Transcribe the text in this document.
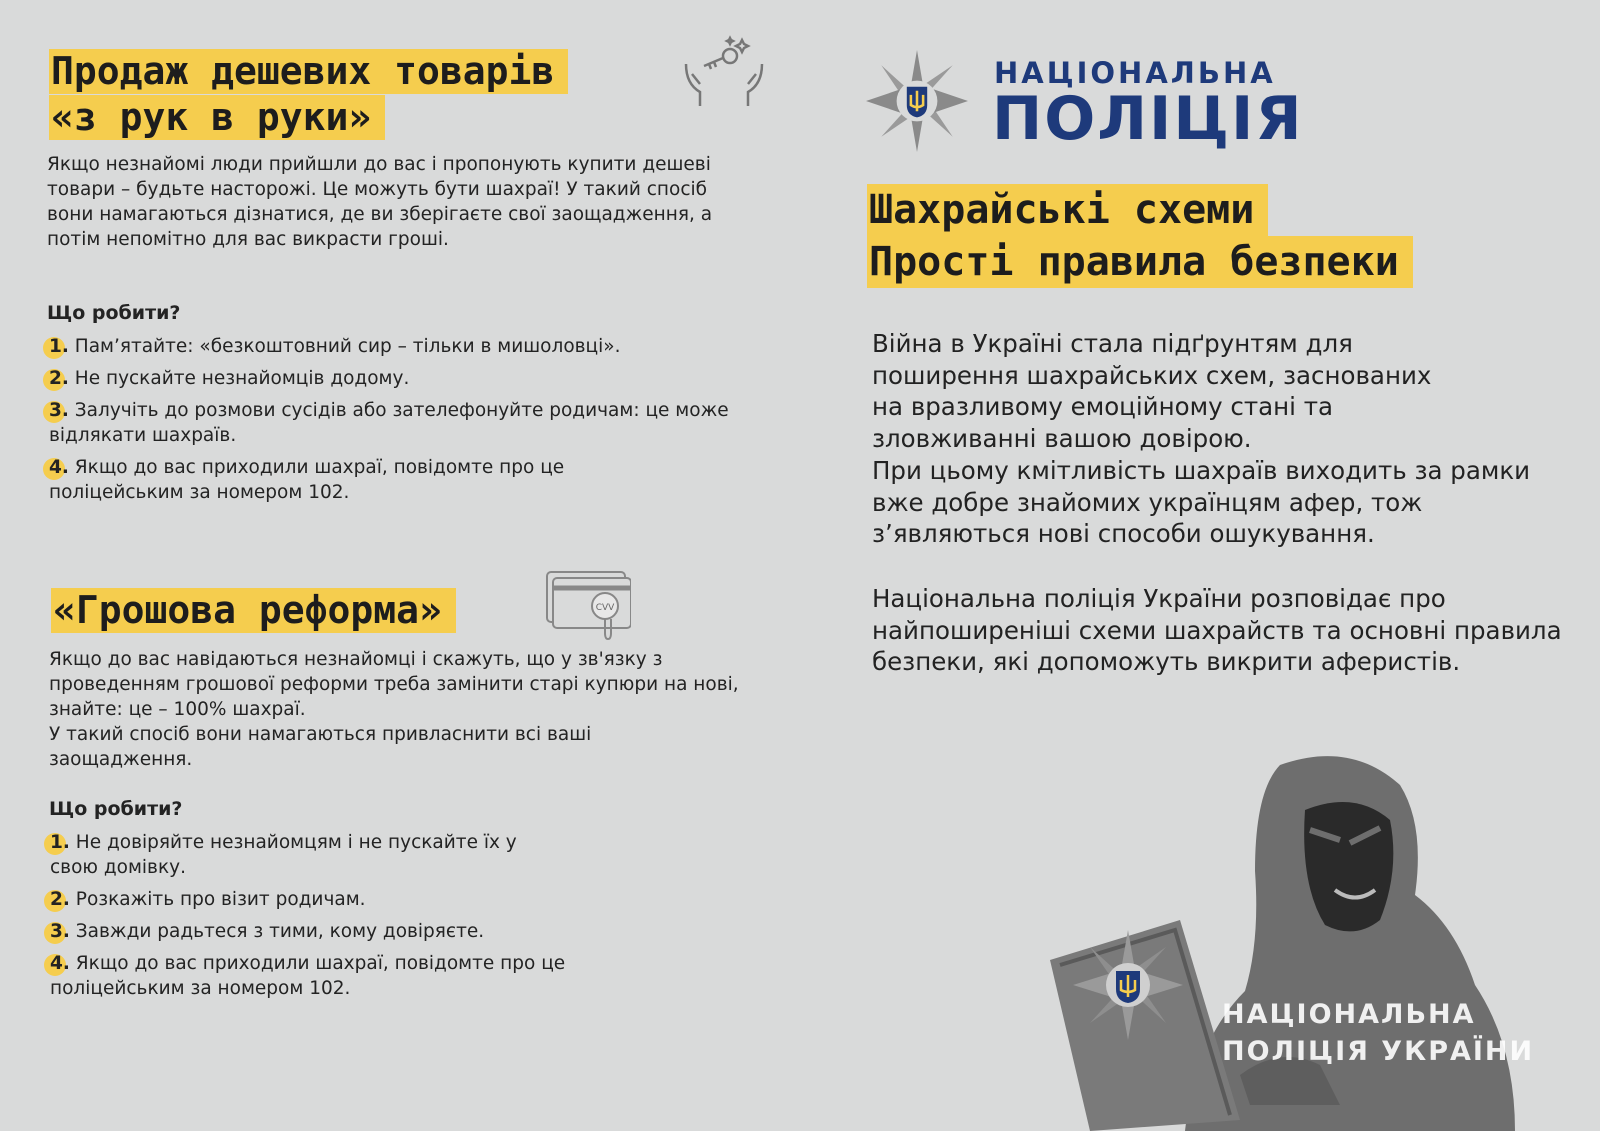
Продаж дешевих товарів
«з рук в руки»

Якщо незнайомі люди прийшли до вас і пропонують купити дешеві товари – будьте насторожі. Це можуть бути шахраї! У такий спосіб вони намагаються дізнатися, де ви зберігаєте свої заощадження, а потім непомітно для вас викрасти гроші.

Що робити?
1. Пам’ятайте: «безкоштовний сир – тільки в мишоловці».
2. Не пускайте незнайомців додому.
3. Залучіть до розмови сусідів або зателефонуйте родичам: це може відлякати шахраїв.
4. Якщо до вас приходили шахраї, повідомте про це поліцейським за номером 102.
«Грошова реформа»	CVV

Якщо до вас навідаються незнайомці і скажуть, що у зв'язку з проведенням грошової реформи треба замінити старі купюри на нові, знайте: це – 100% шахраї.

У такий спосіб вони намагаються привласнити всі ваші заощадження.

Що робити?
1. Не довіряйте незнайомцям і не пускайте їх у свою домівку.
2. Розкажіть про візит родичам.
3. Завжди радьтеся з тими, кому довіряєте.
4. Якщо до вас приходили шахраї, повідомте про це поліцейським за номером 102.
НАЦІОНАЛЬНА
ПОЛІЦІЯ
Шахрайські схеми
Прості правила безпеки

Війна в Україні стала підґрунтям для поширення шахрайських схем, заснованих на вразливому емоційному стані та зловживанні вашою довірою.

При цьому кмітливість шахраїв виходить за рамки вже добре знайомих українцям афер, тож з’являються нові способи ошукування.

Національна поліція України розповідає про найпоширеніші схеми шахрайств та основні правила безпеки, які допоможуть викрити аферистів.

НАЦІОНАЛЬНА
ПОЛІЦІЯ УКРАЇНИ
